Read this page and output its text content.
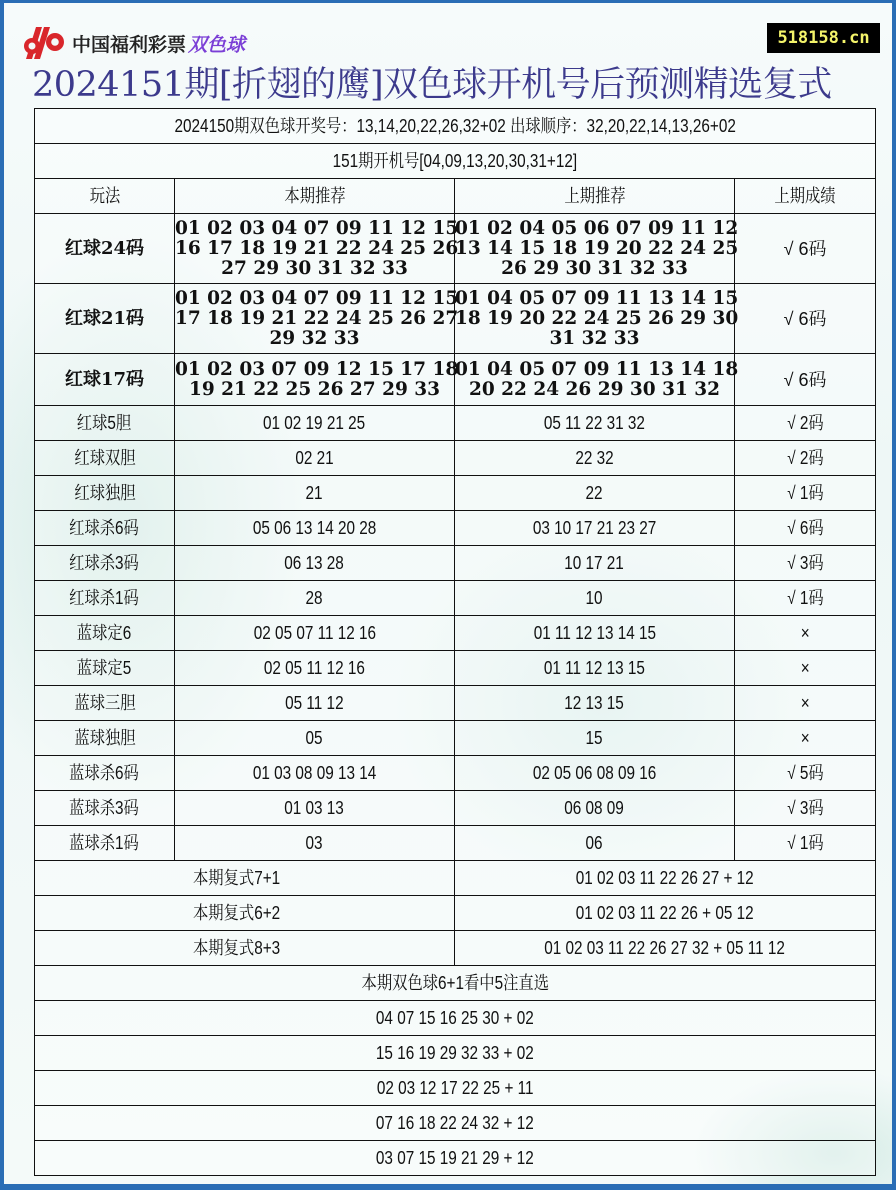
中国福利彩票 双色球	518158.cn
2024151期[折翅的鹰]双色球开机号后预测精选复式
2024150期双色球开奖号：13,14,20,22,26,32+02 出球顺序：32,20,22,14,13,26+02			
151期开机号[04,09,13,20,30,31+12]			
玩法	本期推荐	上期推荐	上期成绩
红球24码	01 02 03 04 07 09 11 12 15
16 17 18 19 21 22 24 25 26
27 29 30 31 32 33	01 02 04 05 06 07 09 11 12
13 14 15 18 19 20 22 24 25
26 29 30 31 32 33	√ 6码
红球21码	01 02 03 04 07 09 11 12 15
17 18 19 21 22 24 25 26 27
29 32 33	01 04 05 07 09 11 13 14 15
18 19 20 22 24 25 26 29 30
31 32 33	√ 6码
红球17码	01 02 03 07 09 12 15 17 18
19 21 22 25 26 27 29 33	01 04 05 07 09 11 13 14 18
20 22 24 26 29 30 31 32	√ 6码
红球5胆	01 02 19 21 25	05 11 22 31 32	√ 2码
红球双胆	02 21	22 32	√ 2码
红球独胆	21	22	√ 1码
红球杀6码	05 06 13 14 20 28	03 10 17 21 23 27	√ 6码
红球杀3码	06 13 28	10 17 21	√ 3码
红球杀1码	28	10	√ 1码
蓝球定6	02 05 07 11 12 16	01 11 12 13 14 15	×
蓝球定5	02 05 11 12 16	01 11 12 13 15	×
蓝球三胆	05 11 12	12 13 15	×
蓝球独胆	05	15	×
蓝球杀6码	01 03 08 09 13 14	02 05 06 08 09 16	√ 5码
蓝球杀3码	01 03 13	06 08 09	√ 3码
蓝球杀1码	03	06	√ 1码
本期复式7+1		01 02 03 11 22 26 27 + 12	
本期复式6+2		01 02 03 11 22 26 + 05 12	
本期复式8+3		01 02 03 11 22 26 27 32 + 05 11 12	
本期双色球6+1看中5注直选			
04 07 15 16 25 30 + 02			
15 16 19 29 32 33 + 02			
02 03 12 17 22 25 + 11			
07 16 18 22 24 32 + 12			
03 07 15 19 21 29 + 12			
